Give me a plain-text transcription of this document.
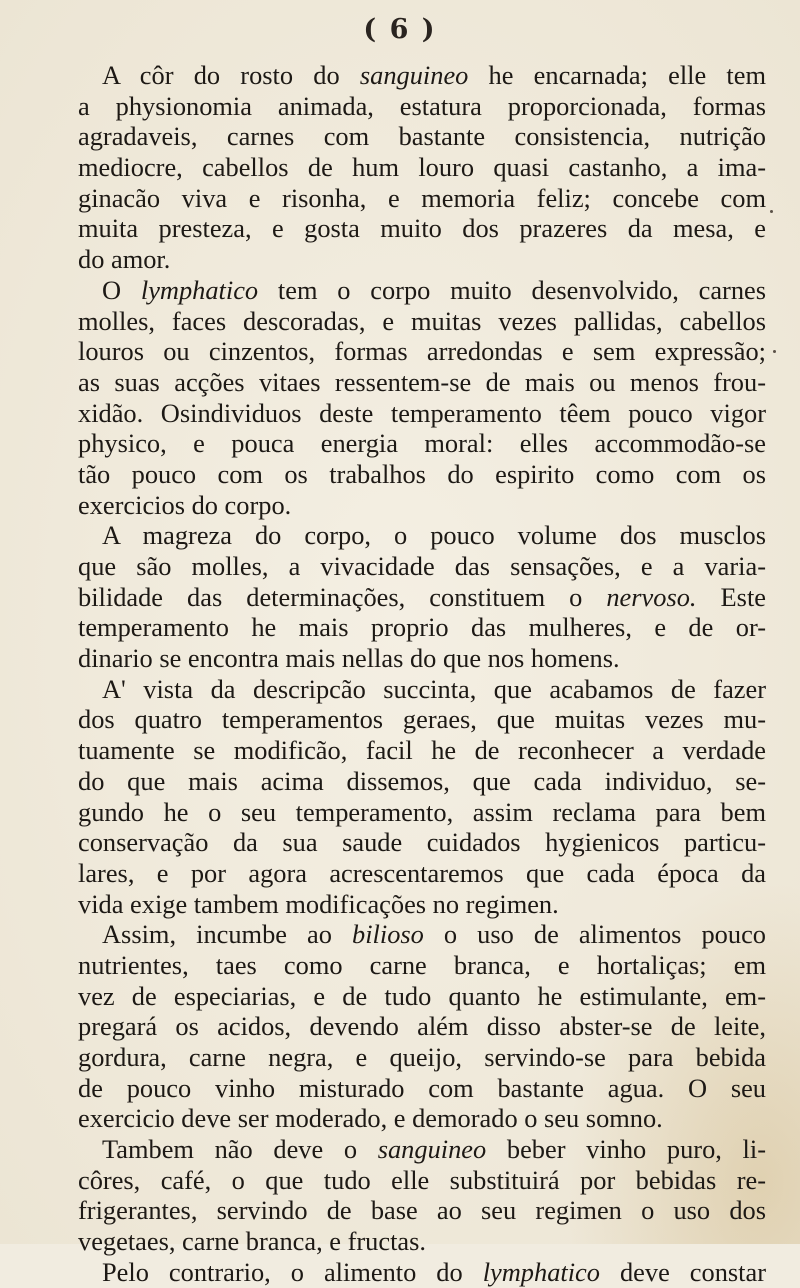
( 6 )
A côr do rosto do sanguineo he encarnada; elle tem
a physionomia animada, estatura proporcionada, formas
agradaveis, carnes com bastante consistencia, nutrição
mediocre, cabellos de hum louro quasi castanho, a ima-
ginacão viva e risonha, e memoria feliz; concebe com
muita presteza, e gosta muito dos prazeres da mesa, e
do amor.
O lymphatico tem o corpo muito desenvolvido, carnes
molles, faces descoradas, e muitas vezes pallidas, cabellos
louros ou cinzentos, formas arredondas e sem expressão;
as suas acções vitaes ressentem-se de mais ou menos frou-
xidão. Osindividuos deste temperamento têem pouco vigor
physico, e pouca energia moral: elles accommodão-se
tão pouco com os trabalhos do espirito como com os
exercicios do corpo.
A magreza do corpo, o pouco volume dos musclos
que são molles, a vivacidade das sensações, e a varia-
bilidade das determinações, constituem o nervoso. Este
temperamento he mais proprio das mulheres, e de or-
dinario se encontra mais nellas do que nos homens.
A' vista da descripcão succinta, que acabamos de fazer
dos quatro temperamentos geraes, que muitas vezes mu-
tuamente se modificão, facil he de reconhecer a verdade
do que mais acima dissemos, que cada individuo, se-
gundo he o seu temperamento, assim reclama para bem
conservação da sua saude cuidados hygienicos particu-
lares, e por agora acrescentaremos que cada época da
vida exige tambem modificações no regimen.
Assim, incumbe ao bilioso o uso de alimentos pouco
nutrientes, taes como carne branca, e hortaliças; em
vez de especiarias, e de tudo quanto he estimulante, em-
pregará os acidos, devendo além disso abster-se de leite,
gordura, carne negra, e queijo, servindo-se para bebida
de pouco vinho misturado com bastante agua. O seu
exercicio deve ser moderado, e demorado o seu somno.
Tambem não deve o sanguineo beber vinho puro, li-
côres, café, o que tudo elle substituirá por bebidas re-
frigerantes, servindo de base ao seu regimen o uso dos
vegetaes, carne branca, e fructas.
Pelo contrario, o alimento do lymphatico deve constar
